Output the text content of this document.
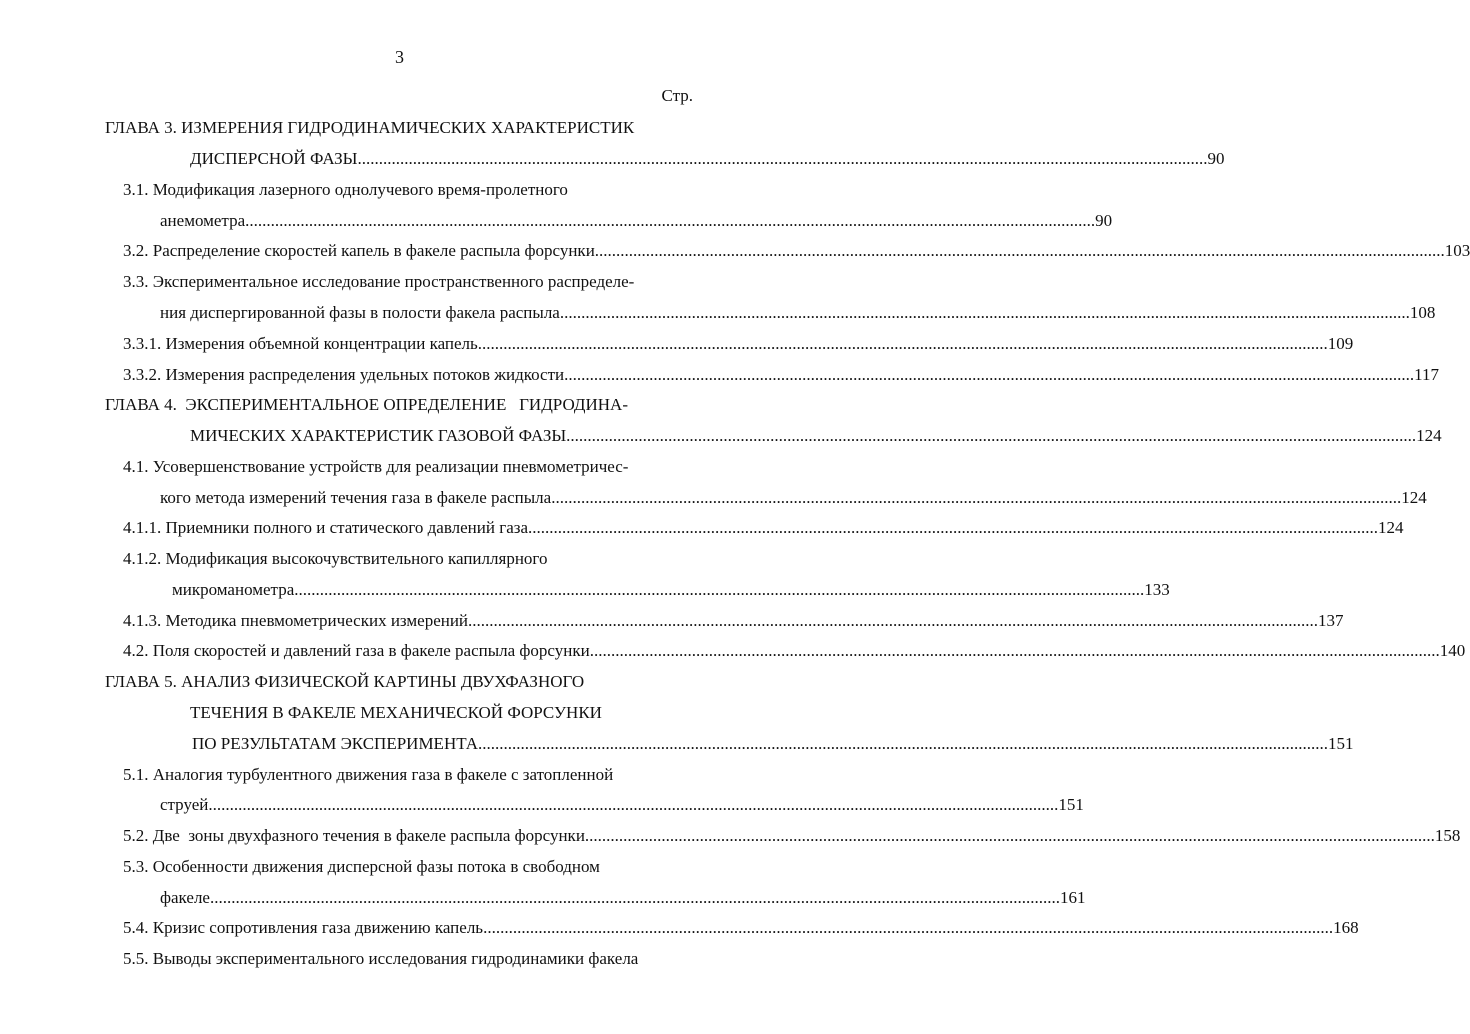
3
Стр.
ГЛАВА 3. ИЗМЕРЕНИЯ ГИДРОДИНАМИЧЕСКИХ ХАРАКТЕРИСТИК
ДИСПЕРСНОЙ ФАЗЫ ........................................................................................................................................................................................................ 90
3.1. Модификация лазерного однолучевого время-пролетного
анемометра ........................................................................................................................................................................................................ 90
3.2. Распределение скоростей капель в факеле распыла форсунки ........................................................................................................................................................................................................ 103
3.3. Экспериментальное исследование пространственного распределе-
ния диспергированной фазы в полости факела распыла ........................................................................................................................................................................................................ 108
3.3.1. Измерения объемной концентрации капель ........................................................................................................................................................................................................ 109
3.3.2. Измерения распределения удельных потоков жидкости ........................................................................................................................................................................................................ 117
ГЛАВА 4.  ЭКСПЕРИМЕНТАЛЬНОЕ ОПРЕДЕЛЕНИЕ   ГИДРОДИНА-
МИЧЕСКИХ ХАРАКТЕРИСТИК ГАЗОВОЙ ФАЗЫ ........................................................................................................................................................................................................ 124
4.1. Усовершенствование устройств для реализации пневмометричес-
кого метода измерений течения газа в факеле распыла ........................................................................................................................................................................................................ 124
4.1.1. Приемники полного и статического давлений газа ........................................................................................................................................................................................................ 124
4.1.2. Модификация высокочувствительного капиллярного
микроманометра ........................................................................................................................................................................................................ 133
4.1.3. Методика пневмометрических измерений ........................................................................................................................................................................................................ 137
4.2. Поля скоростей и давлений газа в факеле распыла форсунки ........................................................................................................................................................................................................ 140
ГЛАВА 5. АНАЛИЗ ФИЗИЧЕСКОЙ КАРТИНЫ ДВУХФАЗНОГО
ТЕЧЕНИЯ В ФАКЕЛЕ МЕХАНИЧЕСКОЙ ФОРСУНКИ
ПО РЕЗУЛЬТАТАМ ЭКСПЕРИМЕНТА ........................................................................................................................................................................................................ 151
5.1. Аналогия турбулентного движения газа в факеле с затопленной
струей ........................................................................................................................................................................................................ 151
5.2. Две  зоны двухфазного течения в факеле распыла форсунки ........................................................................................................................................................................................................ 158
5.3. Особенности движения дисперсной фазы потока в свободном
факеле ........................................................................................................................................................................................................ 161
5.4. Кризис сопротивления газа движению капель ........................................................................................................................................................................................................ 168
5.5. Выводы экспериментального исследования гидродинамики факела
